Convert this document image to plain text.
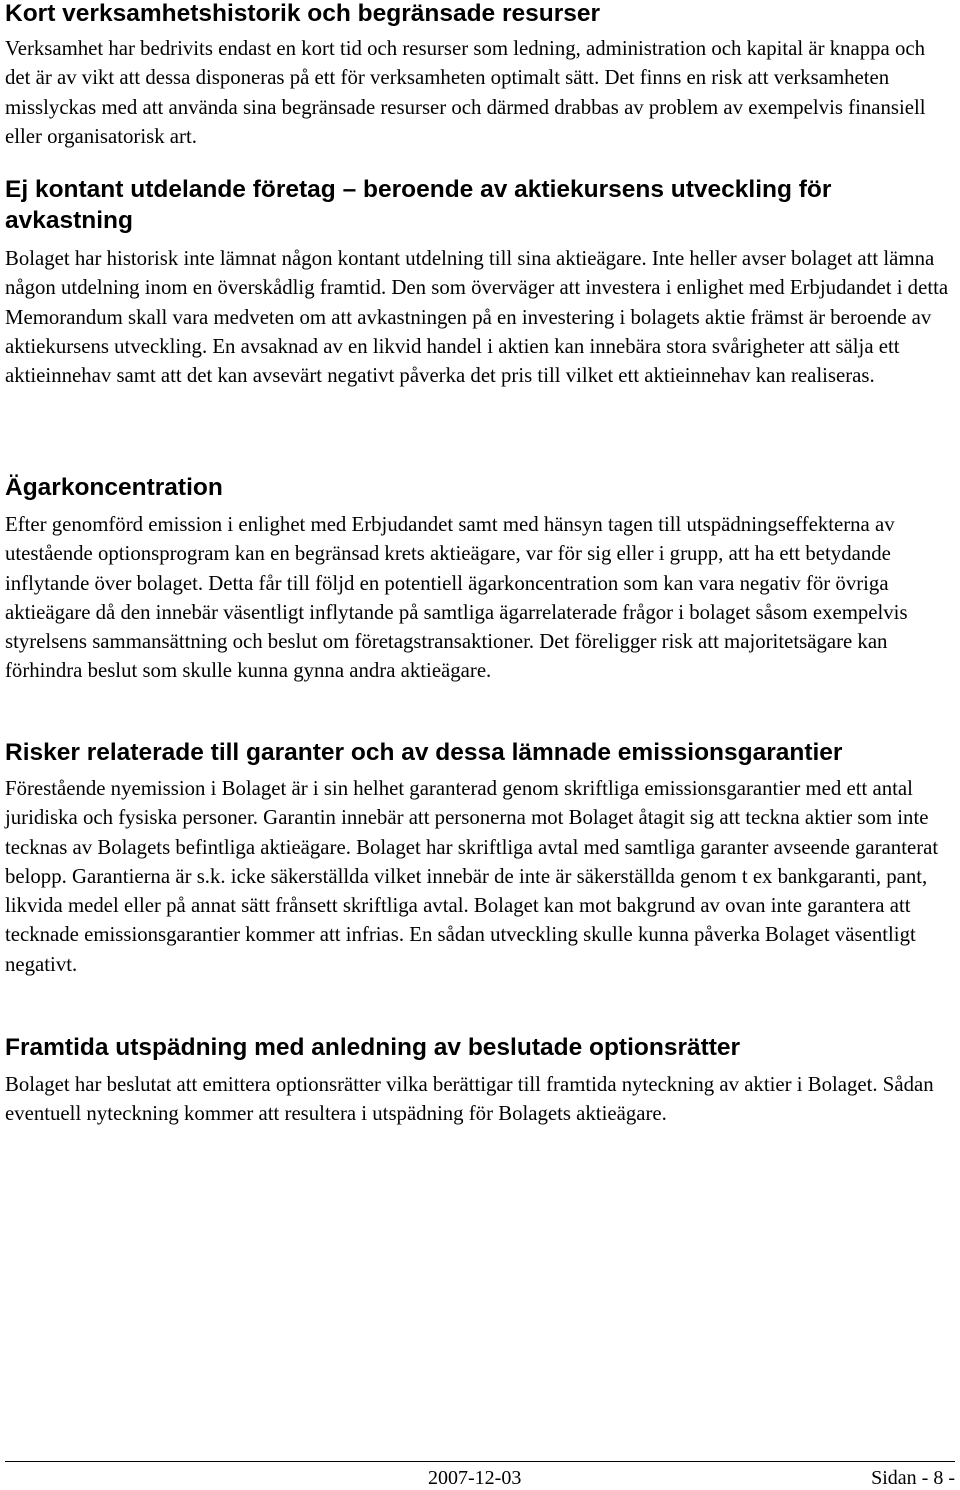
Kort verksamhetshistorik och begränsade resurser

Verksamhet har bedrivits endast en kort tid och resurser som ledning, administration och kapital är knappa och det är av vikt att dessa disponeras på ett för verksamheten optimalt sätt. Det finns en risk att verksamheten misslyckas med att använda sina begränsade resurser och därmed drabbas av problem av exempelvis finansiell eller organisatorisk art.

Ej kontant utdelande företag – beroende av aktiekursens utveckling för avkastning

Bolaget har historisk inte lämnat någon kontant utdelning till sina aktieägare. Inte heller avser bolaget att lämna någon utdelning inom en överskådlig framtid. Den som överväger att investera i enlighet med Erbjudandet i detta Memorandum skall vara medveten om att avkastningen på en investering i bolagets aktie främst är beroende av aktiekursens utveckling. En avsaknad av en likvid handel i aktien kan innebära stora svårigheter att sälja ett aktieinnehav samt att det kan avsevärt negativt påverka det pris till vilket ett aktieinnehav kan realiseras.

Ägarkoncentration

Efter genomförd emission i enlighet med Erbjudandet samt med hänsyn tagen till utspädningseffekterna av utestående optionsprogram kan en begränsad krets aktieägare, var för sig eller i grupp, att ha ett betydande inflytande över bolaget. Detta får till följd en potentiell ägarkoncentration som kan vara negativ för övriga aktieägare då den innebär väsentligt inflytande på samtliga ägarrelaterade frågor i bolaget såsom exempelvis styrelsens sammansättning och beslut om företagstransaktioner. Det föreligger risk att majoritetsägare kan förhindra beslut som skulle kunna gynna andra aktieägare.

Risker relaterade till garanter och av dessa lämnade emissionsgarantier

Förestående nyemission i Bolaget är i sin helhet garanterad genom skriftliga emissionsgarantier med ett antal juridiska och fysiska personer. Garantin innebär att personerna mot Bolaget åtagit sig att teckna aktier som inte tecknas av Bolagets befintliga aktieägare. Bolaget har skriftliga avtal med samtliga garanter avseende garanterat belopp. Garantierna är s.k. icke säkerställda vilket innebär de inte är säkerställda genom t ex bankgaranti, pant, likvida medel eller på annat sätt frånsett skriftliga avtal. Bolaget kan mot bakgrund av ovan inte garantera att tecknade emissionsgarantier kommer att infrias. En sådan utveckling skulle kunna påverka Bolaget väsentligt negativt.

Framtida utspädning med anledning av beslutade optionsrätter

Bolaget har beslutat att emittera optionsrätter vilka berättigar till framtida nyteckning av aktier i Bolaget. Sådan eventuell nyteckning kommer att resultera i utspädning för Bolagets aktieägare.

2007-12-03	Sidan - 8 -
